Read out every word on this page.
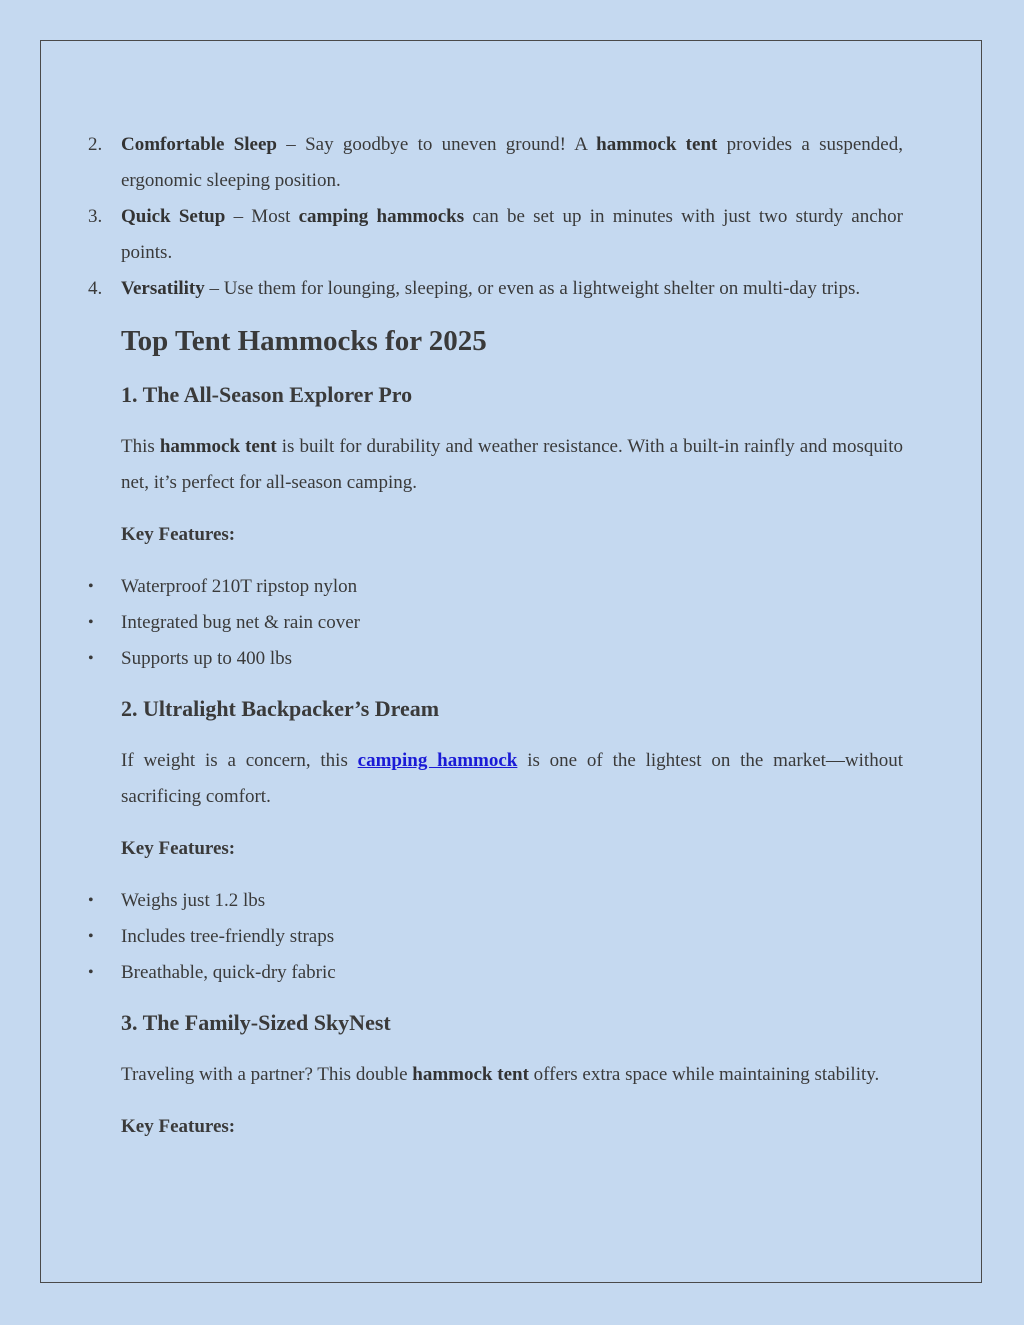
2. Comfortable Sleep – Say goodbye to uneven ground! A hammock tent provides a suspended, ergonomic sleeping position.
3. Quick Setup – Most camping hammocks can be set up in minutes with just two sturdy anchor points.
4. Versatility – Use them for lounging, sleeping, or even as a lightweight shelter on multi-day trips.
Top Tent Hammocks for 2025
1. The All-Season Explorer Pro
This hammock tent is built for durability and weather resistance. With a built-in rainfly and mosquito net, it’s perfect for all-season camping.
Key Features:
• Waterproof 210T ripstop nylon
• Integrated bug net & rain cover
• Supports up to 400 lbs
2. Ultralight Backpacker’s Dream
If weight is a concern, this camping hammock is one of the lightest on the market—without sacrificing comfort.
Key Features:
• Weighs just 1.2 lbs
• Includes tree-friendly straps
• Breathable, quick-dry fabric
3. The Family-Sized SkyNest
Traveling with a partner? This double hammock tent offers extra space while maintaining stability.
Key Features:
